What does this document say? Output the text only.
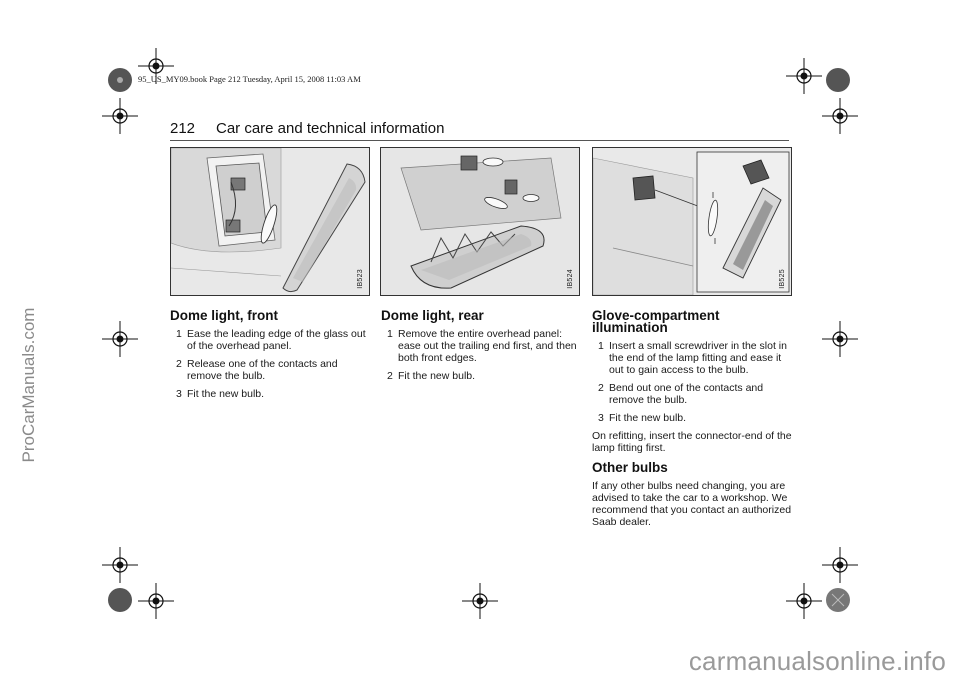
ProCarManuals.com
95_US_MY09.book Page 212 Tuesday, April 15, 2008 11:03 AM
212 Car care and technical information
IB523	IB524	IB525
Dome light, front
1 Ease the leading edge of the glass out of the overhead panel.
2 Release one of the contacts and remove the bulb.
3 Fit the new bulb.
Dome light, rear
1 Remove the entire overhead panel: ease out the trailing end first, and then both front edges.
2 Fit the new bulb.
Glove-compartment illumination
1 Insert a small screwdriver in the slot in the end of the lamp fitting and ease it out to gain access to the bulb.
2 Bend out one of the contacts and remove the bulb.
3 Fit the new bulb.

On refitting, insert the connector-end of the lamp fitting first.

Other bulbs

If any other bulbs need changing, you are advised to take the car to a workshop. We recommend that you contact an authorized Saab dealer.

carmanualsonline.info
